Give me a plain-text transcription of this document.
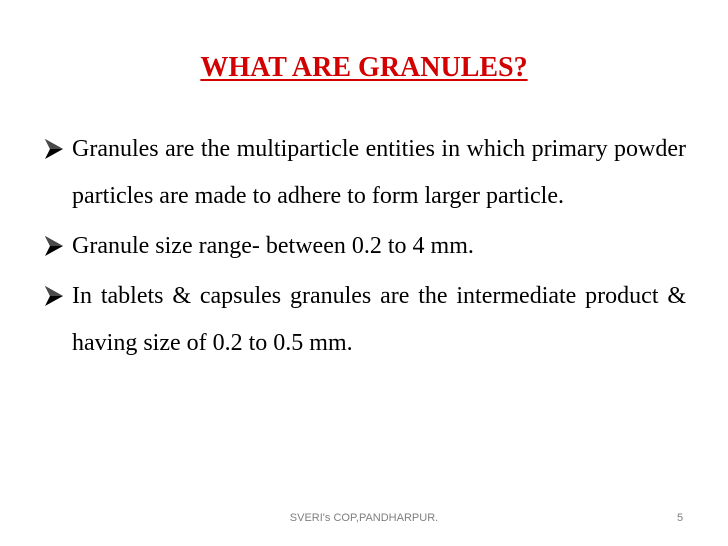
WHAT ARE GRANULES?
Granules are the multiparticle entities in which primary powder particles are made to adhere to form larger particle.
Granule size range- between 0.2 to 4 mm.
In tablets & capsules granules are the intermediate product & having size of 0.2 to 0.5 mm.
SVERI's COP,PANDHARPUR.	5
